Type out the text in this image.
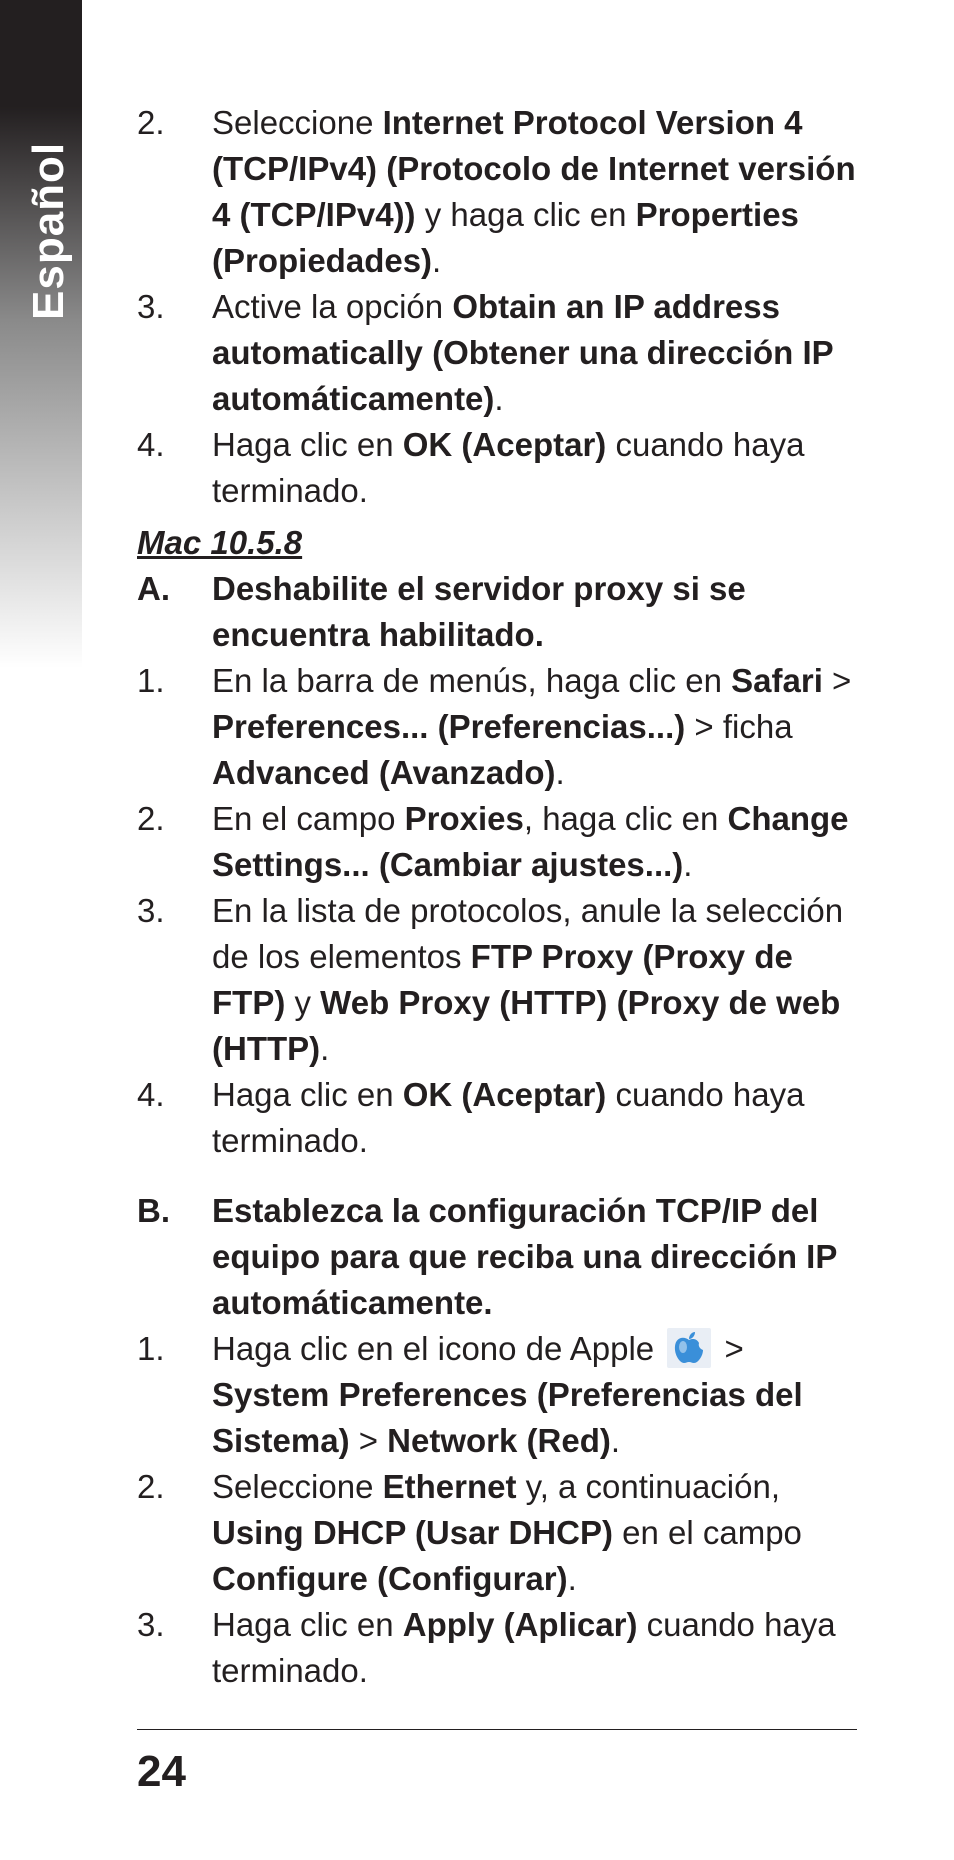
Español
2.	Seleccione Internet Protocol Version 4 (TCP/IPv4) (Protocolo de Internet versión 4 (TCP/IPv4)) y haga clic en Properties (Propiedades).
3.	Active la opción Obtain an IP address automatically (Obtener una dirección IP automáticamente).
4.	Haga clic en OK (Aceptar) cuando haya terminado.
Mac 10.5.8
A.	Deshabilite el servidor proxy si se encuentra habilitado.
1.	En la barra de menús, haga clic en Safari > Preferences... (Preferencias...) > ficha Advanced (Avanzado).
2.	En el campo Proxies, haga clic en Change Settings... (Cambiar ajustes...).
3.	En la lista de protocolos, anule la selección de los elementos FTP Proxy (Proxy de FTP) y Web Proxy (HTTP) (Proxy de web (HTTP).
4.	Haga clic en OK (Aceptar) cuando haya terminado.
B.	Establezca la configuración TCP/IP del equipo para que reciba una dirección IP automáticamente.
1.	Haga clic en el icono de Apple
> System Preferences (Preferencias del Sistema) > Network (Red).
2.	Seleccione Ethernet y, a continuación, Using DHCP (Usar DHCP) en el campo Configure (Configurar).
3.	Haga clic en Apply (Aplicar) cuando haya terminado.
24
